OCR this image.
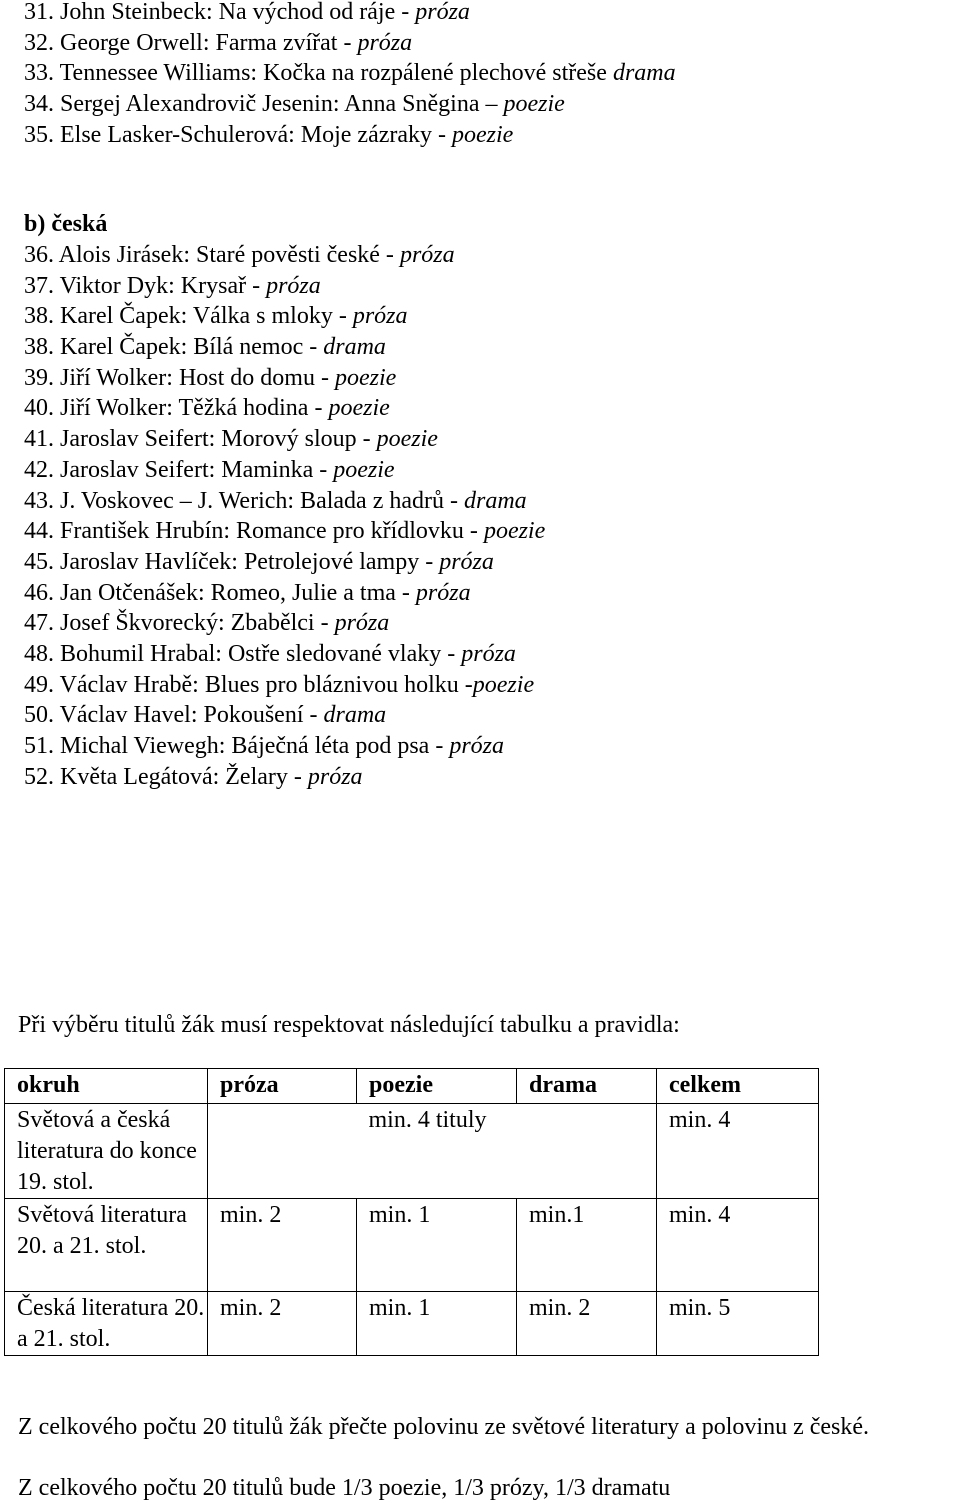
31. John Steinbeck: Na východ od ráje - próza
32. George Orwell: Farma zvířat - próza
33. Tennessee Williams: Kočka na rozpálené plechové střeše drama
34. Sergej Alexandrovič Jesenin: Anna Sněgina – poezie
35. Else Lasker-Schulerová: Moje zázraky - poezie
b) česká
36. Alois Jirásek: Staré pověsti české - próza
37. Viktor Dyk: Krysař - próza
38. Karel Čapek: Válka s mloky - próza
38. Karel Čapek: Bílá nemoc - drama
39. Jiří Wolker: Host do domu - poezie
40. Jiří Wolker: Těžká hodina - poezie
41. Jaroslav Seifert: Morový sloup - poezie
42. Jaroslav Seifert: Maminka - poezie
43. J. Voskovec – J. Werich: Balada z hadrů - drama
44. František Hrubín: Romance pro křídlovku - poezie
45. Jaroslav Havlíček: Petrolejové lampy - próza
46. Jan Otčenášek: Romeo, Julie a tma - próza
47. Josef Škvorecký: Zbabělci - próza
48. Bohumil Hrabal: Ostře sledované vlaky - próza
49. Václav Hrabě: Blues pro bláznivou holku -poezie
50. Václav Havel: Pokoušení - drama
51. Michal Viewegh: Báječná léta pod psa - próza
52. Květa Legátová: Želary - próza
Při výběru titulů žák musí respektovat následující tabulku a pravidla:
okruh	próza	poezie	drama	celkem
Světová a česká literatura do konce 19. stol.		min. 4 tituly		min. 4
Světová literatura 20. a 21. stol.	min. 2	min. 1	min.1	min. 4
Česká literatura 20. a 21. stol.	min. 2	min. 1	min. 2	min. 5
Z celkového počtu 20 titulů žák přečte polovinu ze světové literatury a polovinu z české.
Z celkového počtu 20 titulů bude 1/3 poezie, 1/3 prózy, 1/3 dramatu
